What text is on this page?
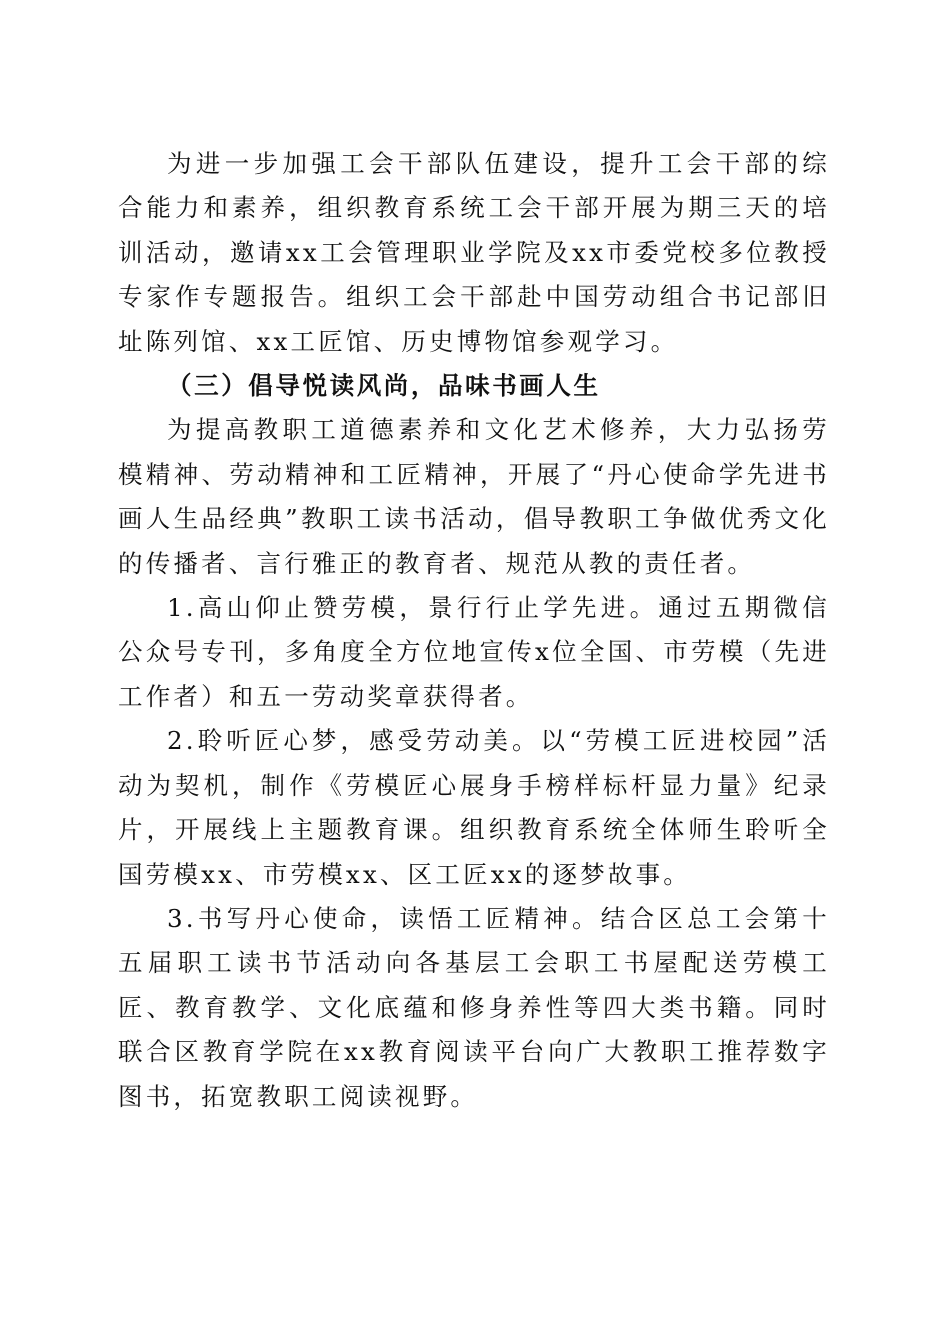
为进一步加强工会干部队伍建设，提升工会干部的综合能力和素养，组织教育系统工会干部开展为期三天的培训活动，邀请xx工会管理职业学院及xx市委党校多位教授专家作专题报告。组织工会干部赴中国劳动组合书记部旧址陈列馆、xx工匠馆、历史博物馆参观学习。

（三）倡导悦读风尚，品味书画人生

为提高教职工道德素养和文化艺术修养，大力弘扬劳模精神、劳动精神和工匠精神，开展了“丹心使命学先进书画人生品经典”教职工读书活动，倡导教职工争做优秀文化的传播者、言行雅正的教育者、规范从教的责任者。

1.高山仰止赞劳模，景行行止学先进。通过五期微信公众号专刊，多角度全方位地宣传x位全国、市劳模（先进工作者）和五一劳动奖章获得者。

2.聆听匠心梦，感受劳动美。以“劳模工匠进校园”活动为契机，制作《劳模匠心展身手榜样标杆显力量》纪录片，开展线上主题教育课。组织教育系统全体师生聆听全国劳模xx、市劳模xx、区工匠xx的逐梦故事。

3.书写丹心使命，读悟工匠精神。结合区总工会第十五届职工读书节活动向各基层工会职工书屋配送劳模工匠、教育教学、文化底蕴和修身养性等四大类书籍。同时联合区教育学院在xx教育阅读平台向广大教职工推荐数字图书，拓宽教职工阅读视野。
